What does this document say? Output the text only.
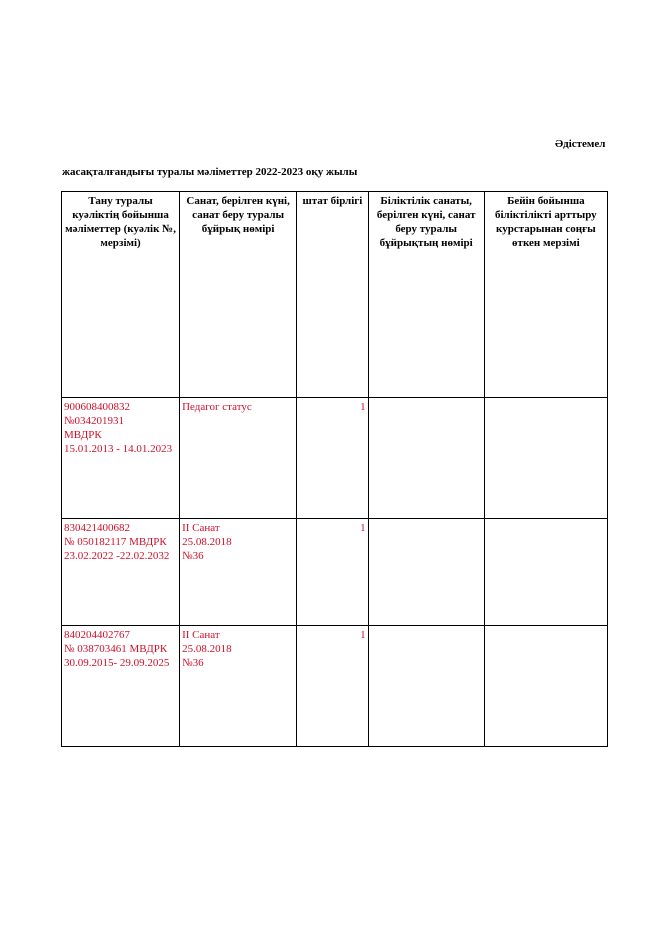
Әдістемел
жасақталғандығы туралы мәліметтер 2022-2023 оқу жылы
Тану туралы куәліктің бойынша мәліметтер (куәлік №, мерзімі)	Санат, берілген күні, санат беру туралы бұйрық нөмірі	штат бірлігі	Біліктілік санаты, берілген күні, санат беру туралы бұйрықтың нөмірі	Бейін бойынша біліктілікті арттыру курстарынан соңғы өткен мерзімі

900608400832
№034201931
МВДРК
15.01.2013 - 14.01.2023	Педагог статус	1		

830421400682
№ 050182117 МВДРК
23.02.2022 -22.02.2032	II Санат
25.08.2018
№36	1		

840204402767
№ 038703461 МВДРК
30.09.2015- 29.09.2025	II Санат
25.08.2018
№36	1		
